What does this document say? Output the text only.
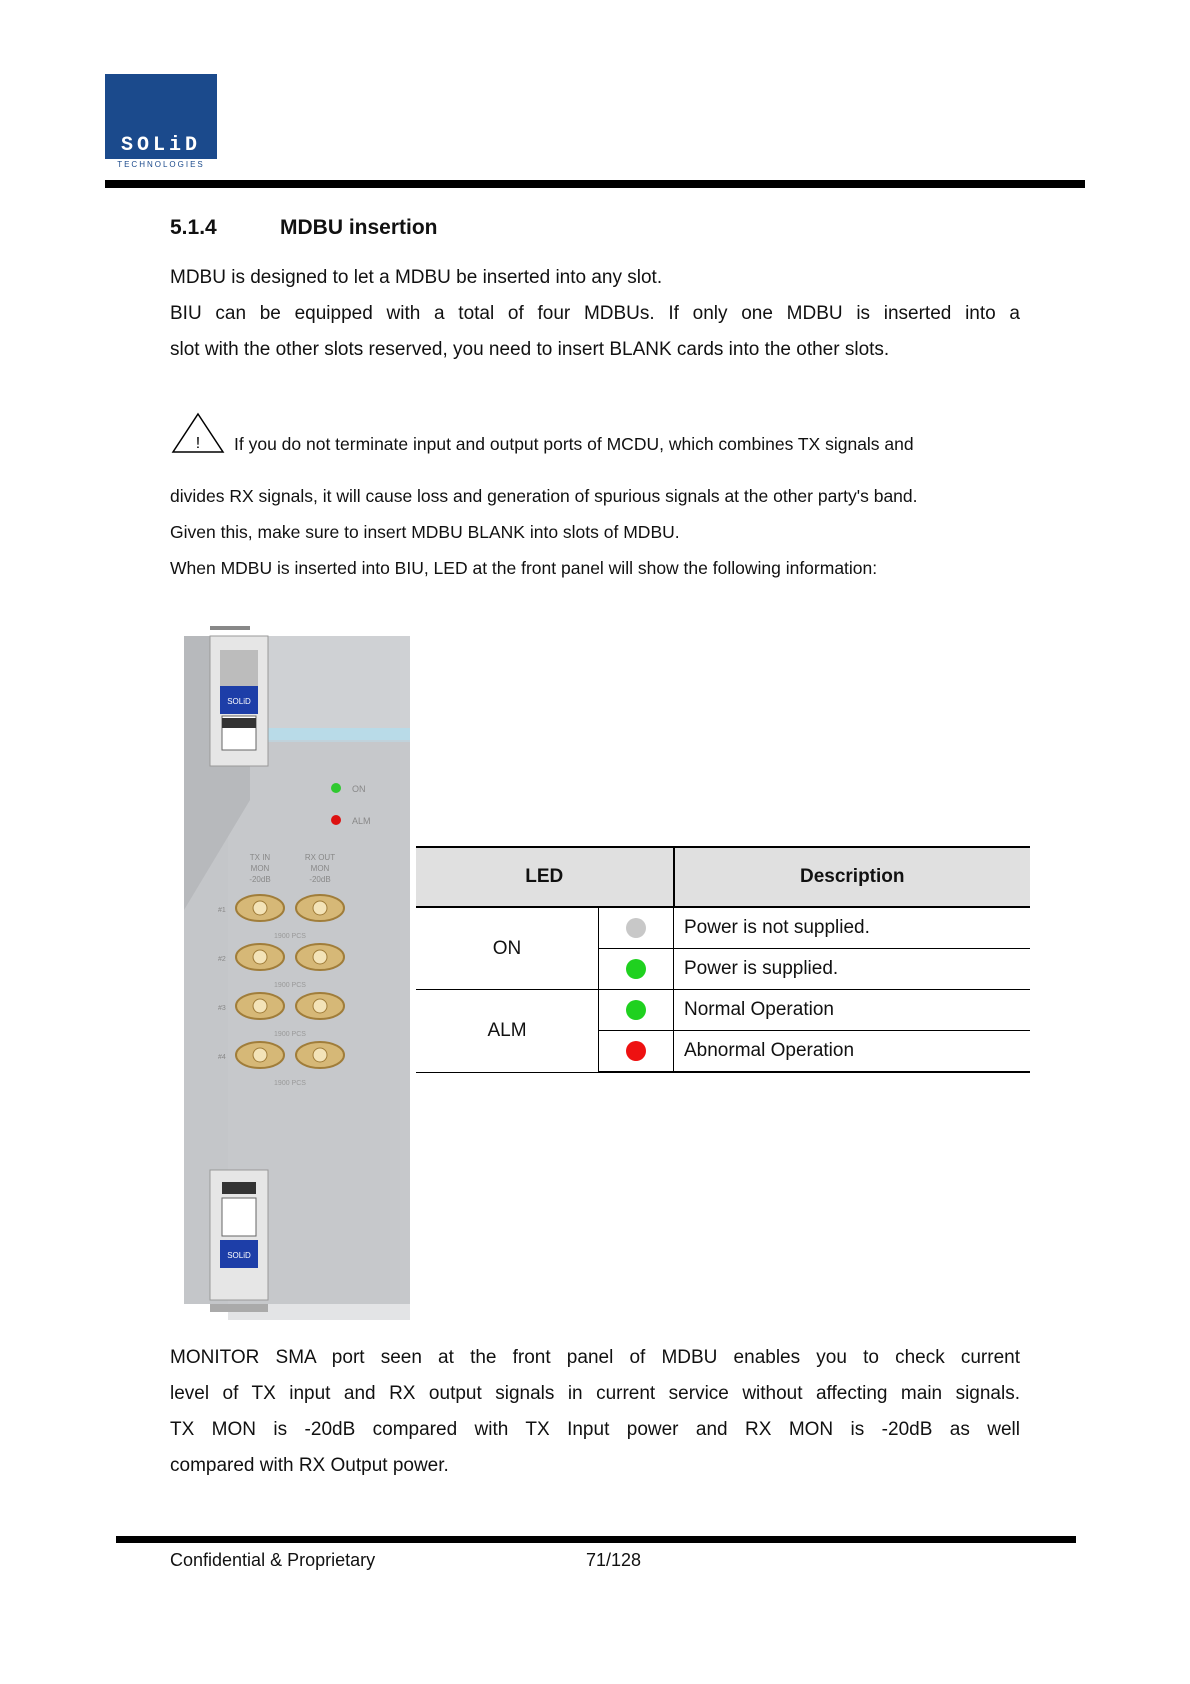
SOLiD
TECHNOLOGIES
5.1.4	MDBU insertion
MDBU is designed to let a MDBU be inserted into any slot.
BIU can be equipped with a total of four MDBUs. If only one MDBU is inserted into a
slot with the other slots reserved, you need to insert BLANK cards into the other slots.
! If you do not terminate input and output ports of MCDU, which combines TX signals and
divides RX signals, it will cause loss and generation of spurious signals at the other party's band.
Given this, make sure to insert MDBU BLANK into slots of MDBU.
When MDBU is inserted into BIU, LED at the front panel will show the following information:
SOLiD
ON
ALM
TX IN
MON
-20dB
RX OUT
MON
-20dB
#1
1900 PCS
#2
1900 PCS
#3
1900 PCS
#4
1900 PCS
SOLiD
LED		Description
ON		Power is not supplied.
		Power is supplied.
ALM		Normal Operation
		Abnormal Operation
MONITOR SMA port seen at the front panel of MDBU enables you to check current
level of TX input and RX output signals in current service without affecting main signals.
TX MON is -20dB compared with TX Input power and RX MON is -20dB as well
compared with RX Output power.
Confidential & Proprietary	71/128
